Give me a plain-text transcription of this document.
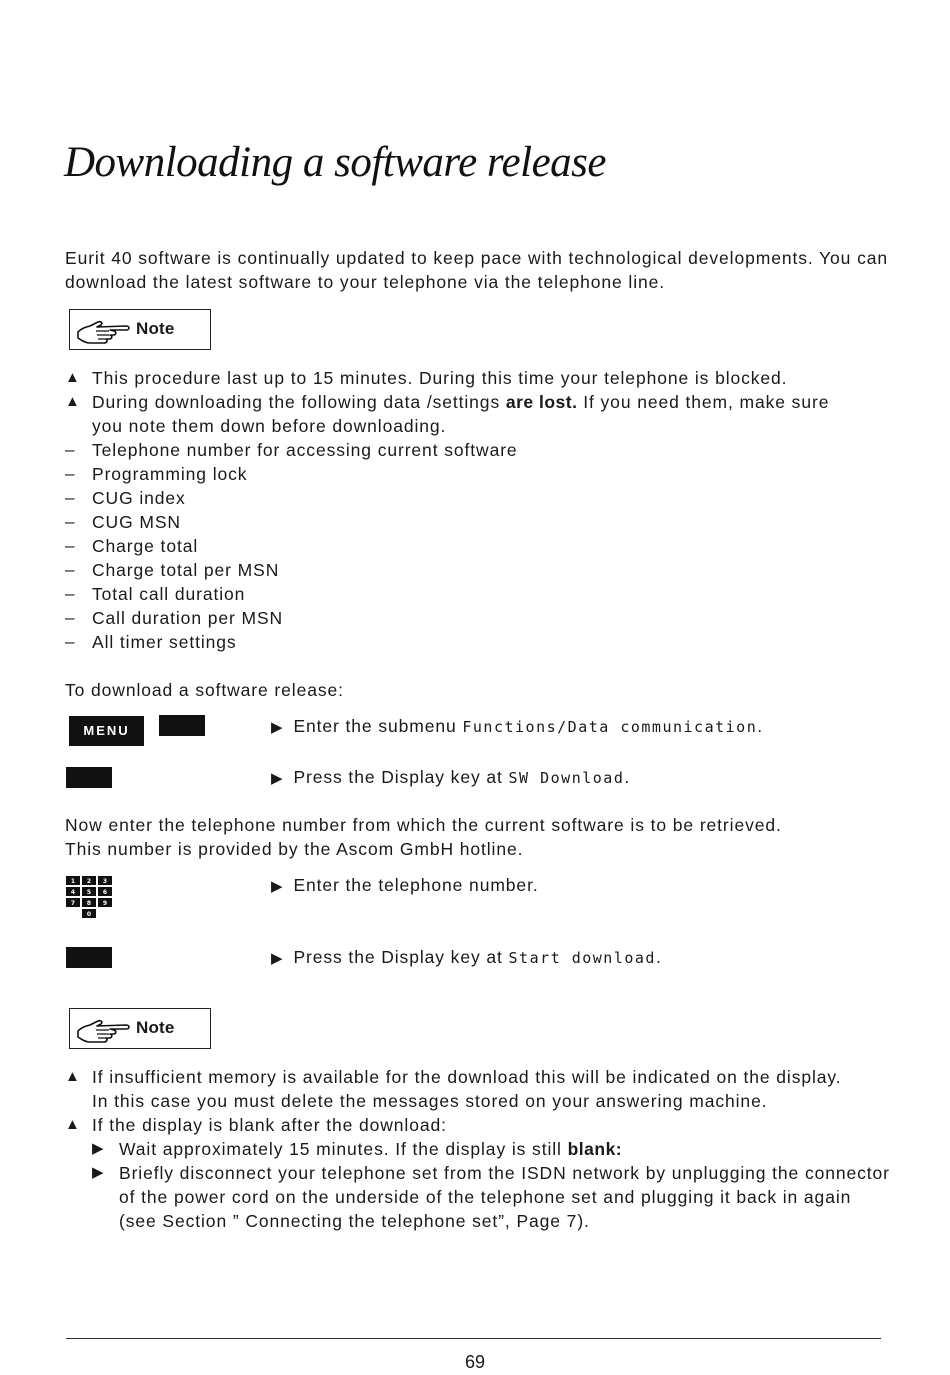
Downloading a software release
Eurit 40 software is continually updated to keep pace with technological developments. You can
download the latest software to your telephone via the telephone line.
Note
▲ This procedure last up to 15 minutes. During this time your telephone is blocked.
▲ During downloading the following data /settings are lost. If you need them, make sure
you note them down before downloading.
– Telephone number for accessing current software
– Programming lock
– CUG index
– CUG MSN
– Charge total
– Charge total per MSN
– Total call duration
– Call duration per MSN
– All timer settings
To download a software release:
MENU	▶ Enter the submenu Functions/Data communication.
▶ Press the Display key at SW Download.
Now enter the telephone number from which the current software is to be retrieved.
This number is provided by the Ascom GmbH hotline.
1 2 3
4 5 6
7 8 9
0
▶ Enter the telephone number.
▶ Press the Display key at Start download.
Note
▲ If insufficient memory is available for the download this will be indicated on the display.
In this case you must delete the messages stored on your answering machine.
▲ If the display is blank after the download:
▶ Wait approximately 15 minutes. If the display is still blank:
▶ Briefly disconnect your telephone set from the ISDN network by unplugging the connector
of the power cord on the underside of the telephone set and plugging it back in again
(see Section ” Connecting the telephone set”, Page 7).
69
